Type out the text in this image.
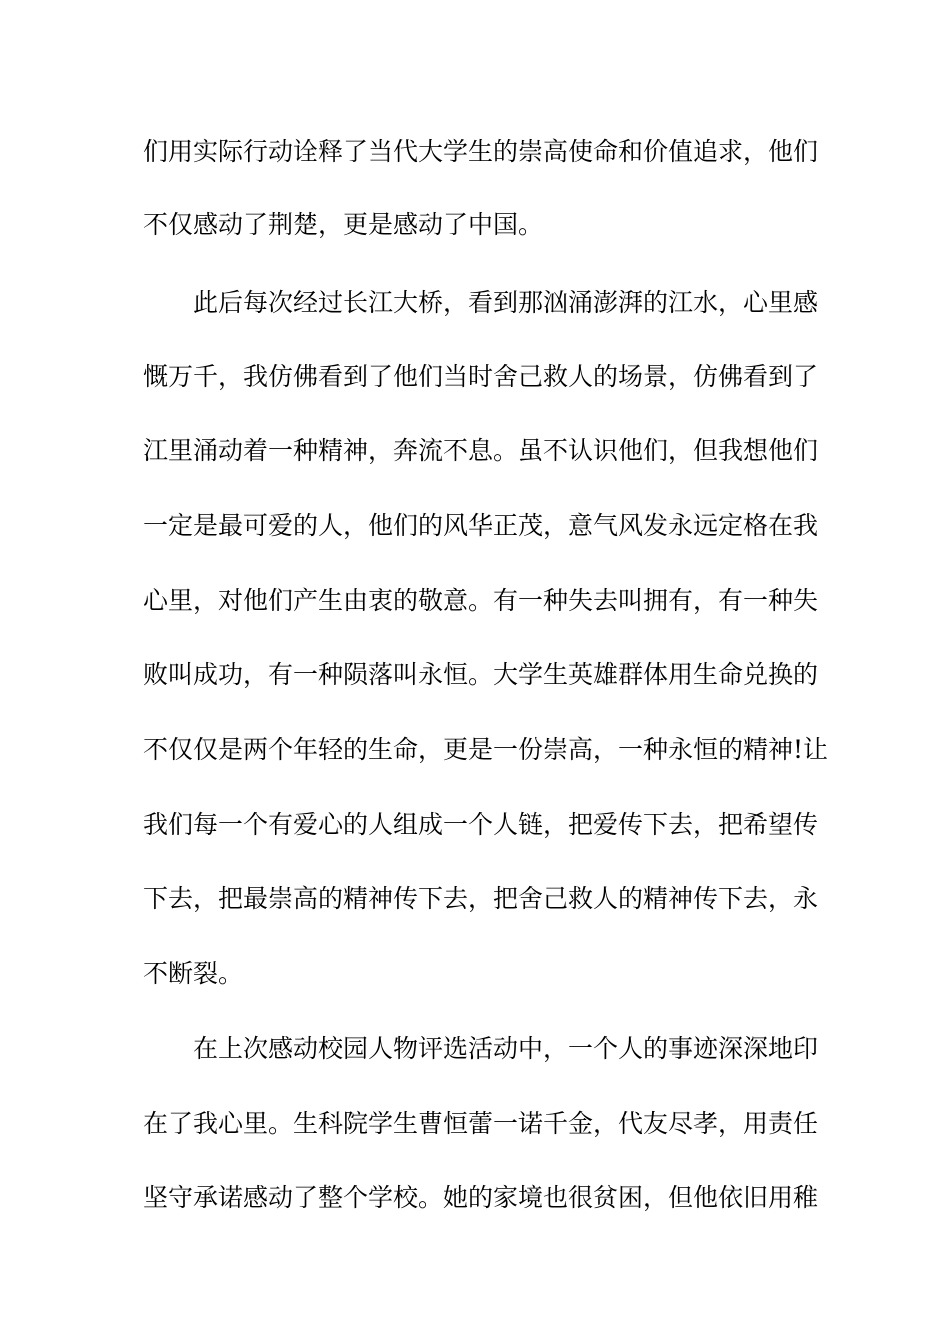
们用实际行动诠释了当代大学生的崇高使命和价值追求，他们
不仅感动了荆楚，更是感动了中国。
此后每次经过长江大桥，看到那汹涌澎湃的江水，心里感
慨万千，我仿佛看到了他们当时舍己救人的场景，仿佛看到了
江里涌动着一种精神，奔流不息。虽不认识他们，但我想他们
一定是最可爱的人，他们的风华正茂，意气风发永远定格在我
心里，对他们产生由衷的敬意。有一种失去叫拥有，有一种失
败叫成功，有一种陨落叫永恒。大学生英雄群体用生命兑换的
不仅仅是两个年轻的生命，更是一份崇高，一种永恒的精神!让
我们每一个有爱心的人组成一个人链，把爱传下去，把希望传
下去，把最崇高的精神传下去，把舍己救人的精神传下去，永
不断裂。
在上次感动校园人物评选活动中，一个人的事迹深深地印
在了我心里。生科院学生曹恒蕾一诺千金，代友尽孝，用责任
坚守承诺感动了整个学校。她的家境也很贫困，但他依旧用稚
